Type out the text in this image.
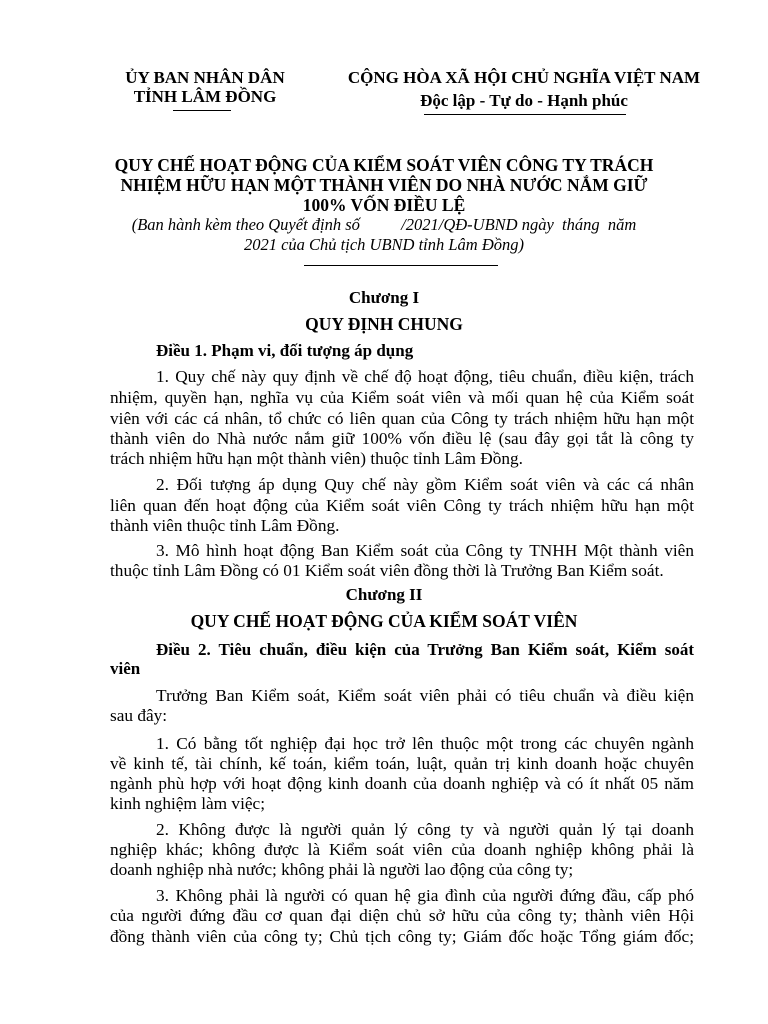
ỦY BAN NHÂN DÂN
TỈNH LÂM ĐỒNG
CỘNG HÒA XÃ HỘI CHỦ NGHĨA VIỆT NAM
Độc lập - Tự do - Hạnh phúc
QUY CHẾ HOẠT ĐỘNG CỦA KIỂM SOÁT VIÊN CÔNG TY TRÁCH
NHIỆM HỮU HẠN MỘT THÀNH VIÊN DO NHÀ NƯỚC NẮM GIỮ
100% VỐN ĐIỀU LỆ
(Ban hành kèm theo Quyết định số          /2021/QĐ-UBND ngày  tháng  năm
2021 của Chủ tịch UBND tỉnh Lâm Đồng)
Chương I
QUY ĐỊNH CHUNG
Điều 1. Phạm vi, đối tượng áp dụng
1. Quy chế này quy định về chế độ hoạt động, tiêu chuẩn, điều kiện, trách
nhiệm, quyền hạn, nghĩa vụ của Kiểm soát viên và mối quan hệ của Kiểm soát
viên với các cá nhân, tổ chức có liên quan của Công ty trách nhiệm hữu hạn một
thành viên do Nhà nước nắm giữ 100% vốn điều lệ (sau đây gọi tắt là công ty
trách nhiệm hữu hạn một thành viên) thuộc tỉnh Lâm Đồng.
2. Đối tượng áp dụng Quy chế này gồm Kiểm soát viên và các cá nhân
liên quan đến hoạt động của Kiểm soát viên Công ty trách nhiệm hữu hạn một
thành viên thuộc tỉnh Lâm Đồng.
3. Mô hình hoạt động Ban Kiểm soát của Công ty TNHH Một thành viên
thuộc tỉnh Lâm Đồng có 01 Kiểm soát viên đồng thời là Trưởng Ban Kiểm soát.
Chương II
QUY CHẾ HOẠT ĐỘNG CỦA KIỂM SOÁT VIÊN
Điều 2. Tiêu chuẩn, điều kiện của Trưởng Ban Kiểm soát, Kiểm soát
viên
Trưởng Ban Kiểm soát, Kiểm soát viên phải có tiêu chuẩn và điều kiện
sau đây:
1. Có bằng tốt nghiệp đại học trở lên thuộc một trong các chuyên ngành
về kinh tế, tài chính, kế toán, kiểm toán, luật, quản trị kinh doanh hoặc chuyên
ngành phù hợp với hoạt động kinh doanh của doanh nghiệp và có ít nhất 05 năm
kinh nghiệm làm việc;
2. Không được là người quản lý công ty và người quản lý tại doanh
nghiệp khác; không được là Kiểm soát viên của doanh nghiệp không phải là
doanh nghiệp nhà nước; không phải là người lao động của công ty;
3. Không phải là người có quan hệ gia đình của người đứng đầu, cấp phó
của người đứng đầu cơ quan đại diện chủ sở hữu của công ty; thành viên Hội
đồng thành viên của công ty; Chủ tịch công ty; Giám đốc hoặc Tổng giám đốc;
